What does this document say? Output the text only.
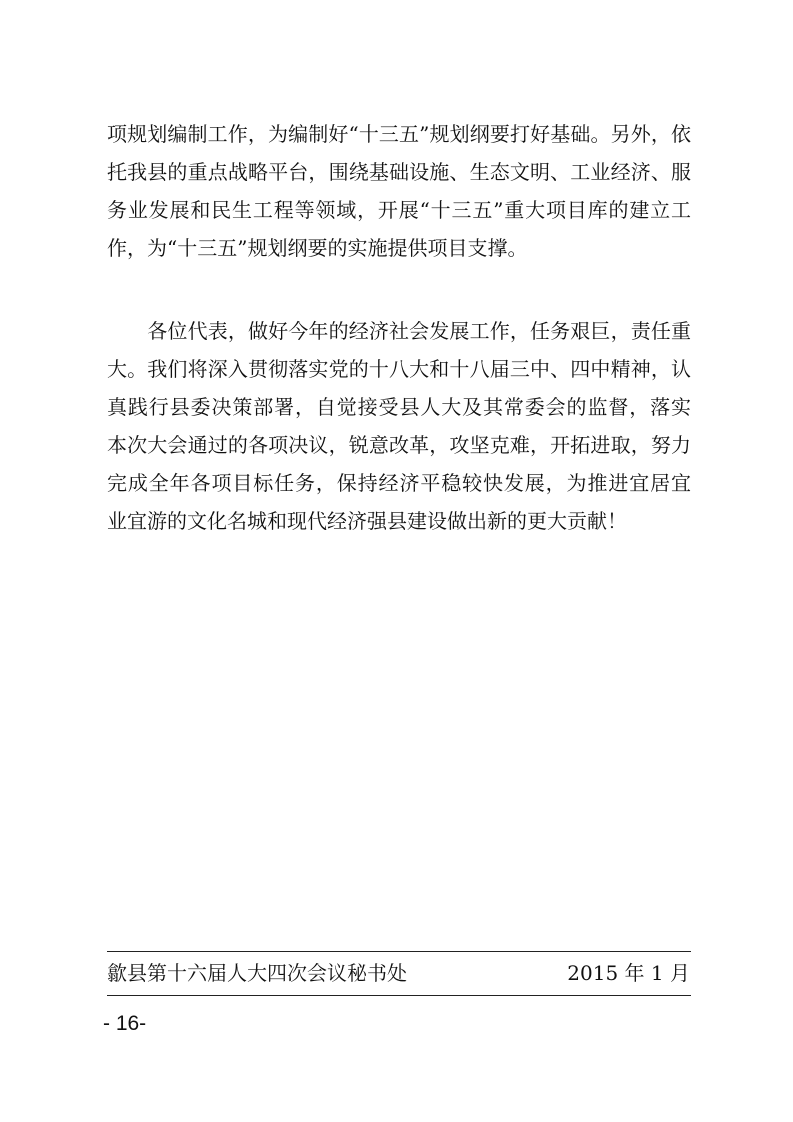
项规划编制工作，为编制好“十三五”规划纲要打好基础。另外，依
托我县的重点战略平台，围绕基础设施、生态文明、工业经济、服
务业发展和民生工程等领域，开展“十三五”重大项目库的建立工
作，为“十三五”规划纲要的实施提供项目支撑。
　　各位代表，做好今年的经济社会发展工作，任务艰巨，责任重
大。我们将深入贯彻落实党的十八大和十八届三中、四中精神，认
真践行县委决策部署，自觉接受县人大及其常委会的监督，落实
本次大会通过的各项决议，锐意改革，攻坚克难，开拓进取，努力
完成全年各项目标任务，保持经济平稳较快发展，为推进宜居宜
业宜游的文化名城和现代经济强县建设做出新的更大贡献！
歙县第十六届人大四次会议秘书处	2015 年 1 月
- 16-
